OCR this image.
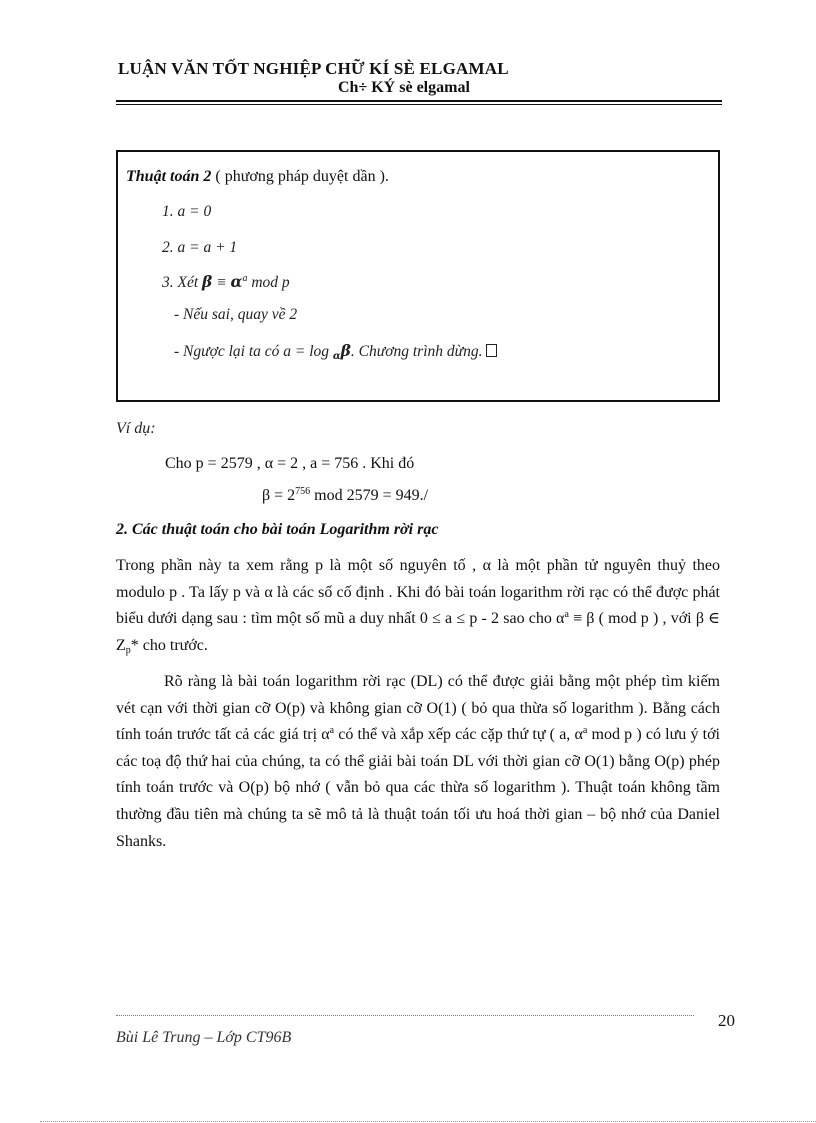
LUẬN VĂN TỐT NGHIỆP CHỮ KÍ SÈ ELGAMAL
Ch÷ KÝ sè elgamal
Thuật toán 2 ( phương pháp duyệt dần ).
1. a = 0
2. a = a + 1
3. Xét $\beta \equiv \alpha^a$ mod p
- Nếu sai, quay về 2
- Ngược lại ta có a = log $_\alpha$β. Chương trình dừng.
Ví dụ:
Cho p = 2579 , α = 2 , a = 756 . Khi đó
$\beta = 2^{756}$ mod 2579 = 949./
2. Các thuật toán cho bài toán Logarithm rời rạc
Trong phần này ta xem rằng p là một số nguyên tố , α là một phần tử nguyên thuỷ theo modulo p . Ta lấy p và α là các số cố định . Khi đó bài toán logarithm rời rạc có thể được phát biểu dưới dạng sau : tìm một số mũ a duy nhất 0 ≤ a ≤ p - 2 sao cho $\alpha^a \equiv \beta$ ( mod p ) , với β ∈ $Z_p*$ cho trước.
Rõ ràng là bài toán logarithm rời rạc (DL) có thể được giải bằng một phép tìm kiếm vét cạn với thời gian cỡ O(p) và không gian cỡ O(1) ( bỏ qua thừa số logarithm ). Bằng cách tính toán trước tất cả các giá trị $\alpha^a$ có thể và xắp xếp các cặp thứ tự ( a, $\alpha^a$ mod p ) có lưu ý tới các toạ độ thứ hai của chúng, ta có thể giải bài toán DL với thời gian cỡ O(1) bằng O(p) phép tính toán trước và O(p) bộ nhớ ( vẫn bỏ qua các thừa số logarithm ). Thuật toán không tầm thường đầu tiên mà chúng ta sẽ mô tả là thuật toán tối ưu hoá thời gian – bộ nhớ của Daniel Shanks.
20
Bùi Lê Trung – Lớp CT96B
